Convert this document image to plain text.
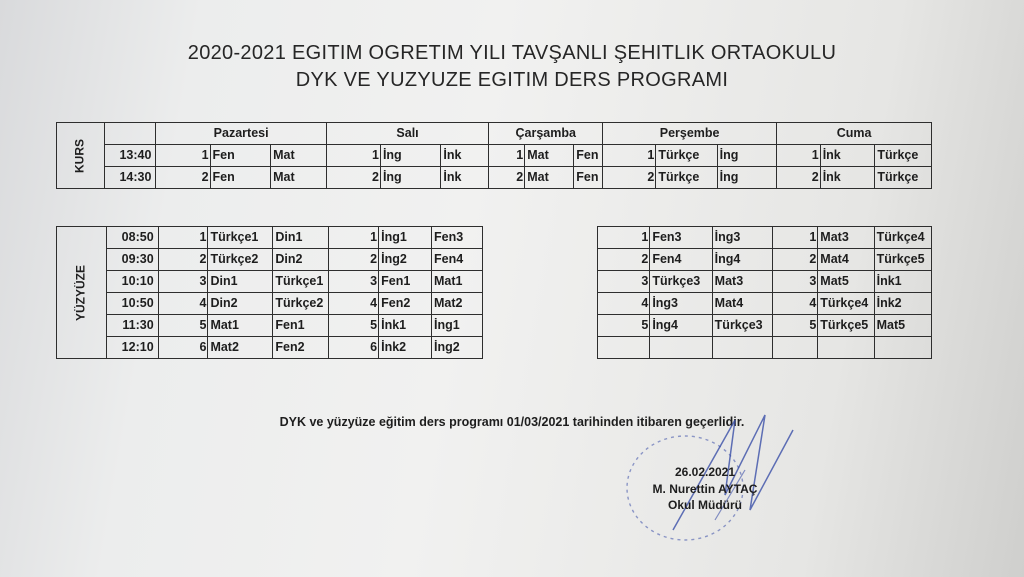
2020-2021 EGITIM OGRETIM YILI TAVŞANLI ŞEHITLIK ORTAOKULU
DYK VE YUZYUZE EGITIM DERS PROGRAMI
KURS		Pazartesi			Salı			Çarşamba			Perşembe			Cuma		
	13:40	1	Fen	Mat	1	İng	İnk	1	Mat	Fen	1	Türkçe	İng	1	İnk	Türkçe
	14:30	2	Fen	Mat	2	İng	İnk	2	Mat	Fen	2	Türkçe	İng	2	İnk	Türkçe
YÜZYÜZE	08:50	1	Türkçe1	Din1	1	İng1	Fen3
	09:30	2	Türkçe2	Din2	2	İng2	Fen4
	10:10	3	Din1	Türkçe1	3	Fen1	Mat1
	10:50	4	Din2	Türkçe2	4	Fen2	Mat2
	11:30	5	Mat1	Fen1	5	İnk1	İng1
	12:10	6	Mat2	Fen2	6	İnk2	İng2
1	Fen3	İng3	1	Mat3	Türkçe4
2	Fen4	İng4	2	Mat4	Türkçe5
3	Türkçe3	Mat3	3	Mat5	İnk1
4	İng3	Mat4	4	Türkçe4	İnk2
5	İng4	Türkçe3	5	Türkçe5	Mat5

DYK ve yüzyüze eğitim ders programı 01/03/2021 tarihinden itibaren geçerlidir.
26.02.2021
M. Nurettin AYTAÇ
Okul Müdürü
